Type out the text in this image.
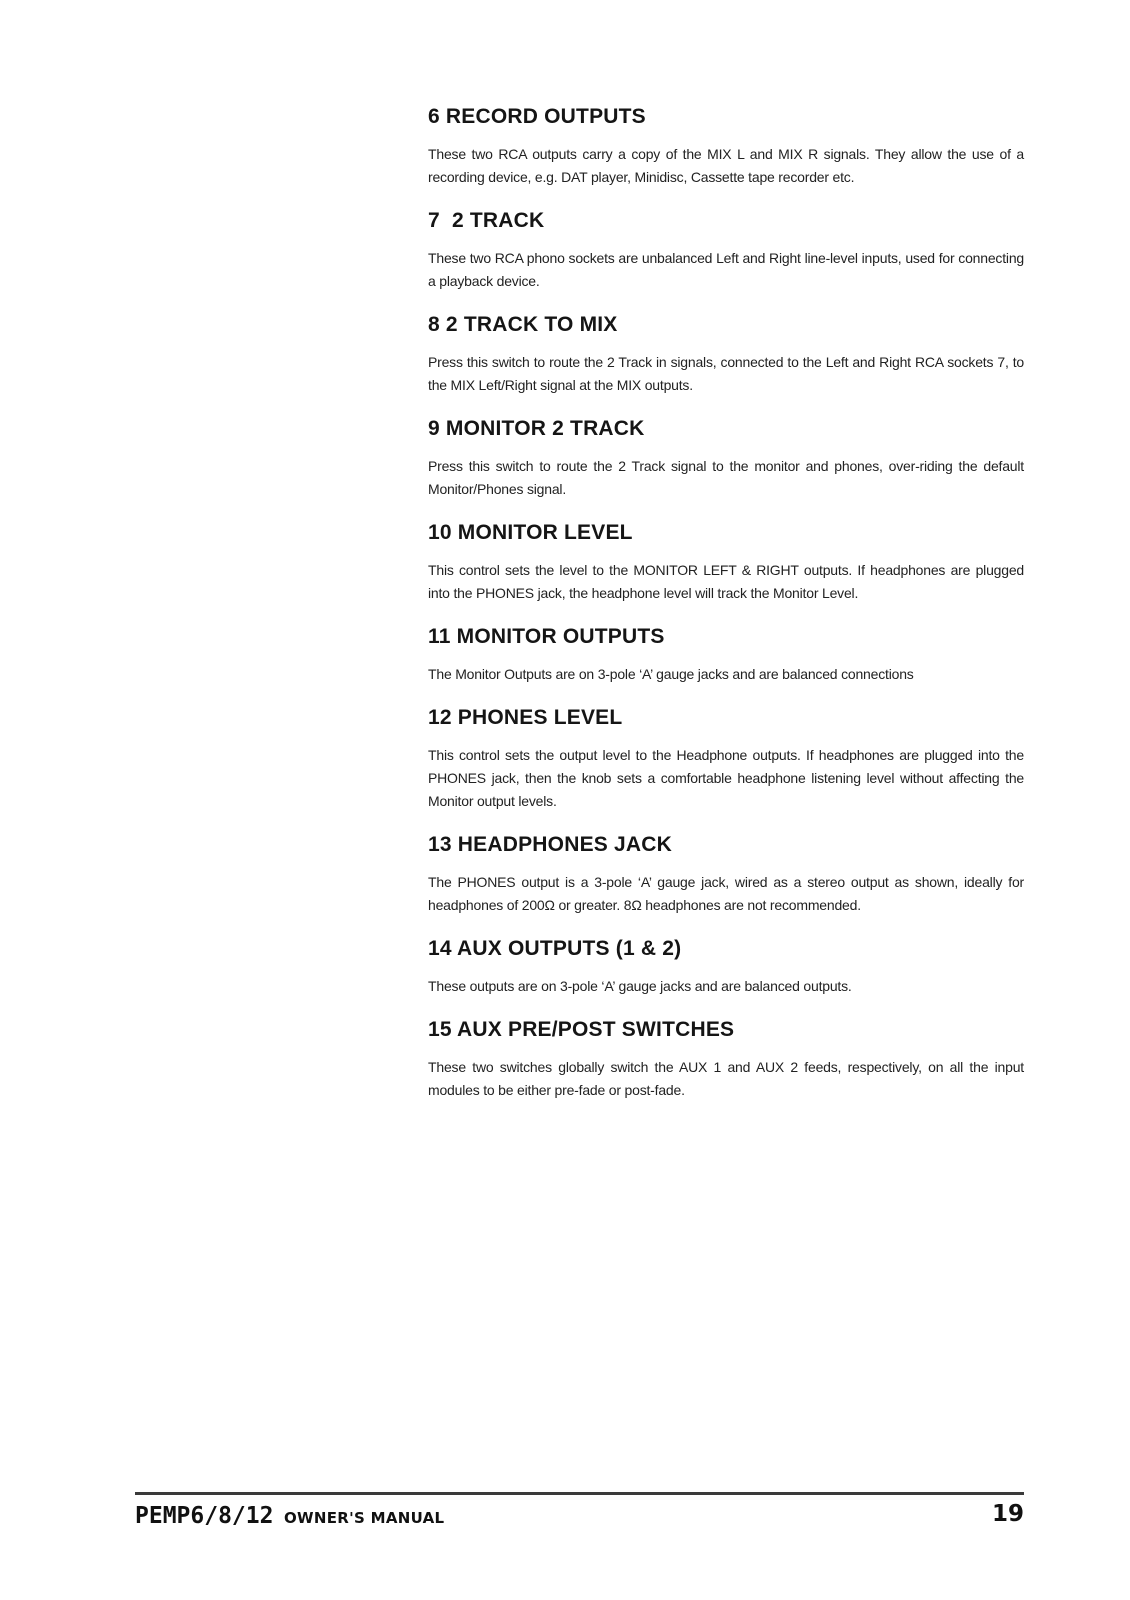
6 RECORD OUTPUTS

These two RCA outputs carry a copy of the MIX L and MIX R signals. They allow the use of a recording device, e.g. DAT player, Minidisc, Cassette tape recorder etc.

7  2 TRACK

These two RCA phono sockets are unbalanced Left and Right line-level inputs, used for connecting a playback device.

8 2 TRACK TO MIX

Press this switch to route the 2 Track in signals, connected to the Left and Right RCA sockets 7, to the MIX Left/Right signal at the MIX outputs.

9 MONITOR 2 TRACK

Press this switch to route the 2 Track signal to the monitor and phones, over-riding the default Monitor/Phones signal.

10 MONITOR LEVEL

This control sets the level to the MONITOR LEFT & RIGHT outputs. If headphones are plugged into the PHONES jack, the headphone level will track the Monitor Level.

11 MONITOR OUTPUTS

The Monitor Outputs are on 3-pole ‘A’ gauge jacks and are balanced connections

12 PHONES LEVEL

This control sets the output level to the Headphone outputs. If headphones are plugged into the PHONES jack, then the knob sets a comfortable headphone listening level without affecting the Monitor output levels.

13 HEADPHONES JACK

The PHONES output is a 3-pole ‘A’ gauge jack, wired as a stereo output as shown, ideally for headphones of 200Ω or greater. 8Ω headphones are not recommended.

14 AUX OUTPUTS (1 & 2)

These outputs are on 3-pole ‘A’ gauge jacks and are balanced outputs.

15 AUX PRE/POST SWITCHES

These two switches globally switch the AUX 1 and AUX 2 feeds, respectively, on all the input modules to be either pre-fade or post-fade.

PEMP6/8/12 OWNER'S MANUAL	19
